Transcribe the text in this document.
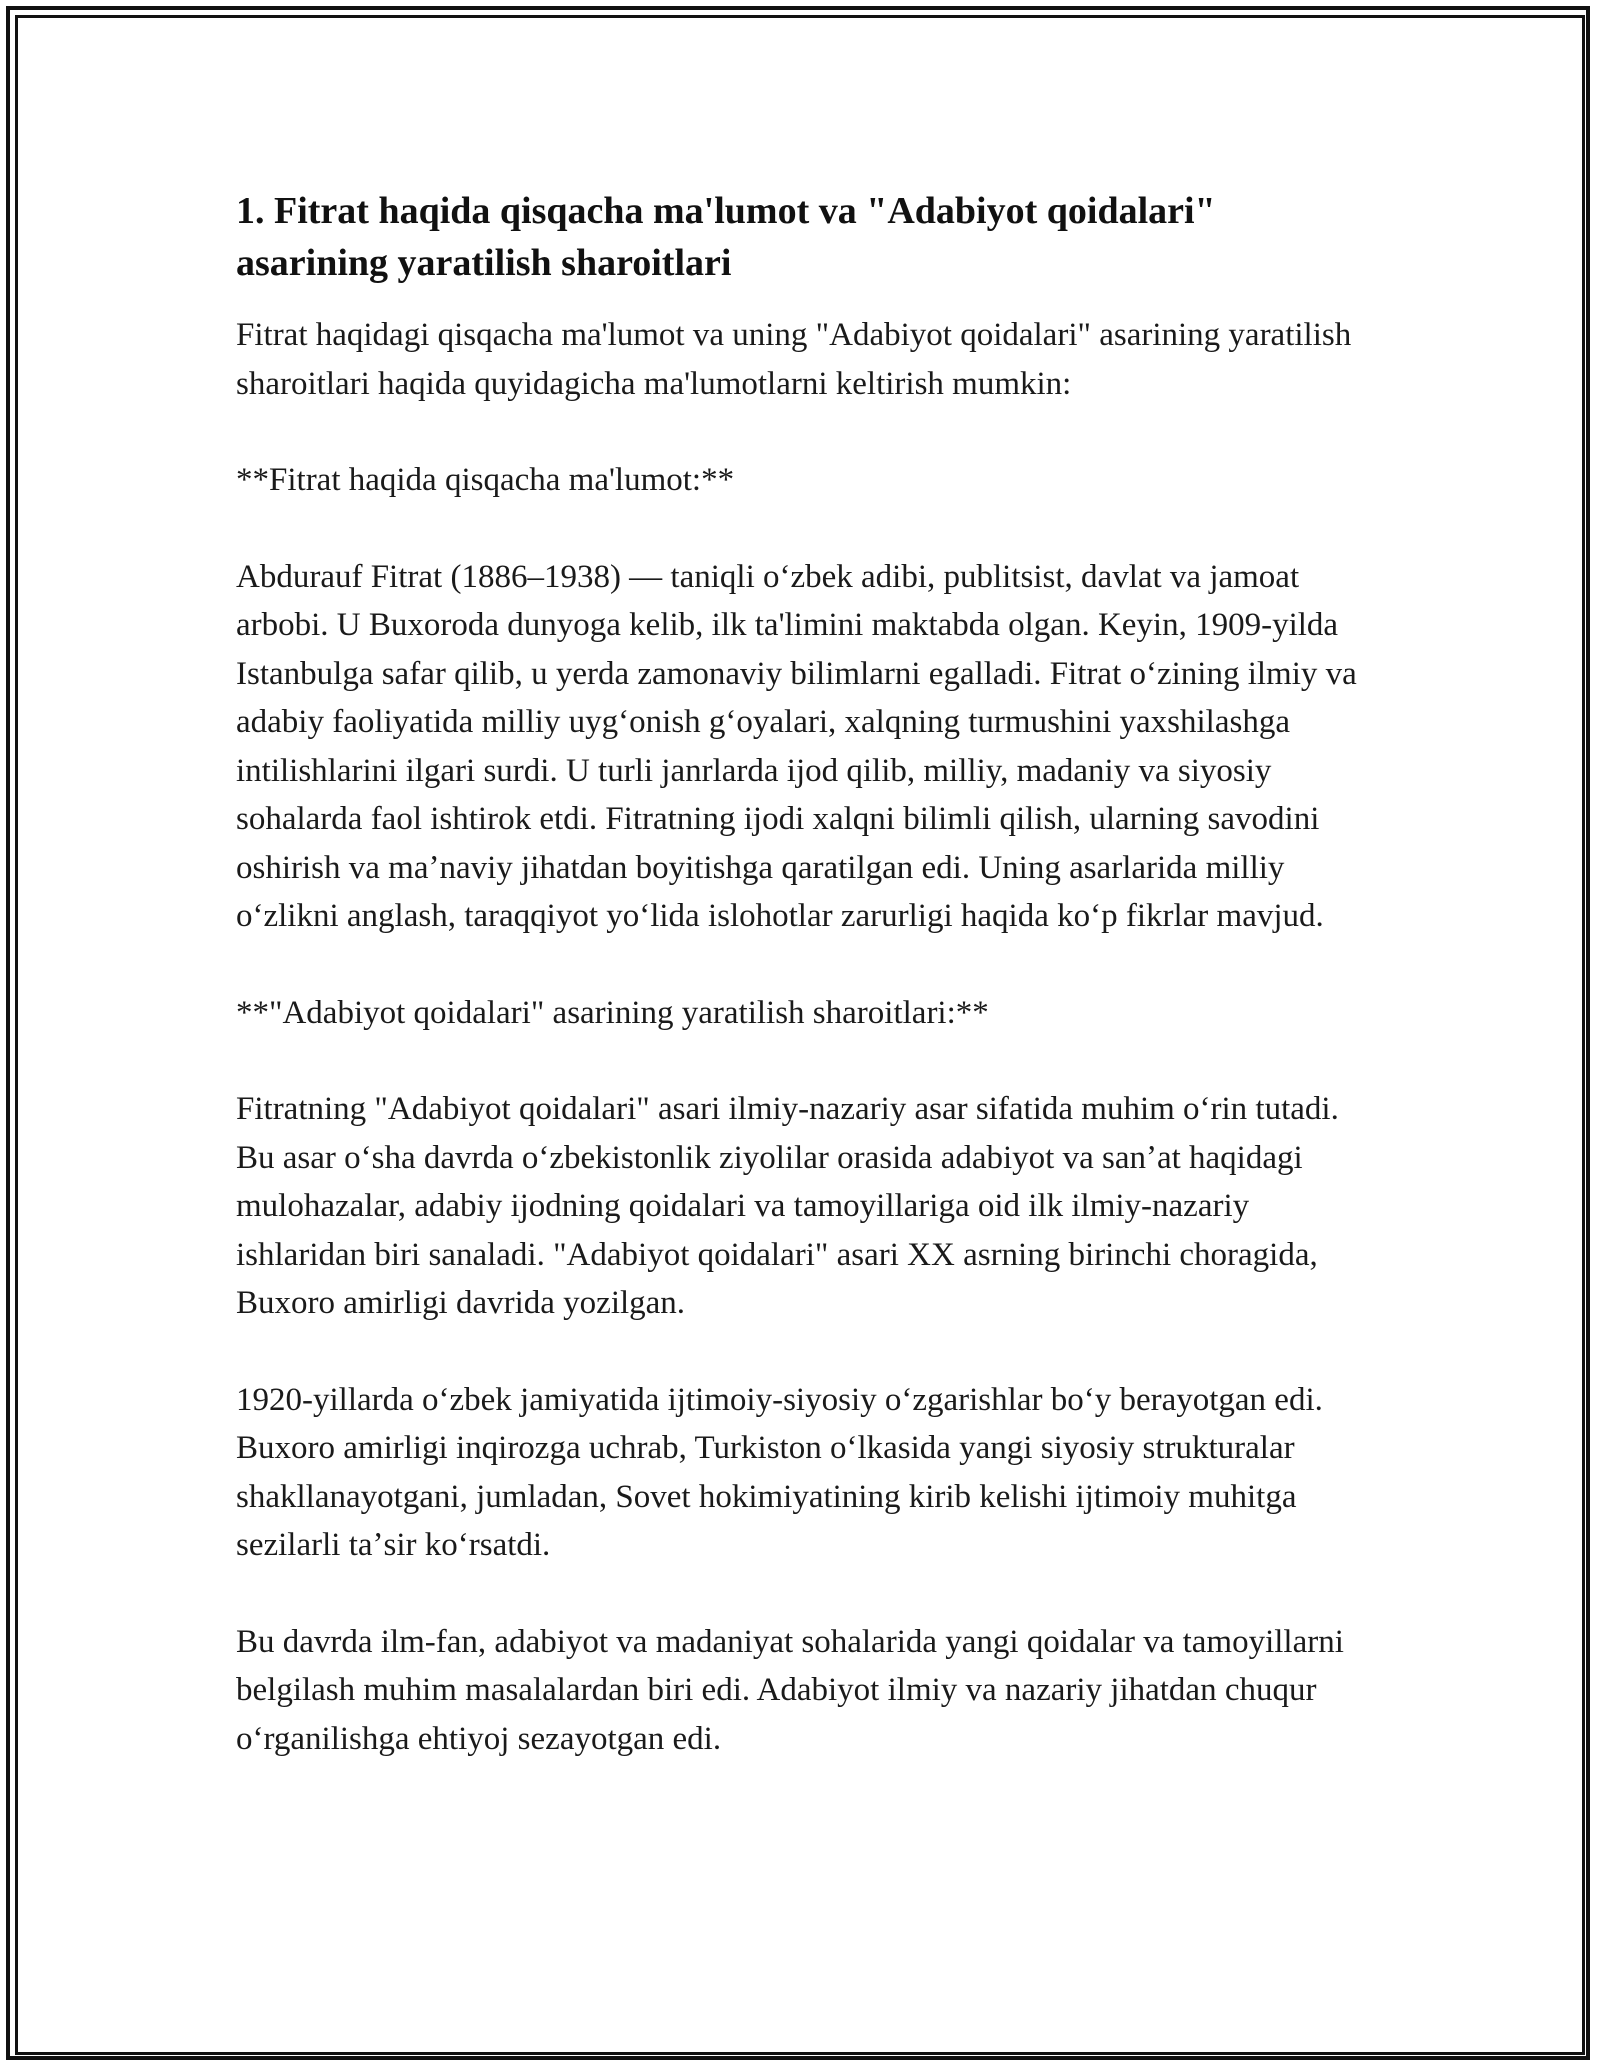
1. Fitrat haqida qisqacha ma'lumot va "Adabiyot qoidalari" asarining yaratilish sharoitlari

Fitrat haqidagi qisqacha ma'lumot va uning "Adabiyot qoidalari" asarining yaratilish sharoitlari haqida quyidagicha ma'lumotlarni keltirish mumkin:

**Fitrat haqida qisqacha ma'lumot:**

Abdurauf Fitrat (1886–1938) — taniqli oʻzbek adibi, publitsist, davlat va jamoat arbobi. U Buxoroda dunyoga kelib, ilk ta'limini maktabda olgan. Keyin, 1909-yilda Istanbulga safar qilib, u yerda zamonaviy bilimlarni egalladi. Fitrat oʻzining ilmiy va adabiy faoliyatida milliy uygʻonish gʻoyalari, xalqning turmushini yaxshilashga intilishlarini ilgari surdi. U turli janrlarda ijod qilib, milliy, madaniy va siyosiy sohalarda faol ishtirok etdi. Fitratning ijodi xalqni bilimli qilish, ularning savodini oshirish va maʼnaviy jihatdan boyitishga qaratilgan edi. Uning asarlarida milliy oʻzlikni anglash, taraqqiyot yoʻlida islohotlar zarurligi haqida koʻp fikrlar mavjud.

**"Adabiyot qoidalari" asarining yaratilish sharoitlari:**

Fitratning "Adabiyot qoidalari" asari ilmiy-nazariy asar sifatida muhim oʻrin tutadi. Bu asar oʻsha davrda oʻzbekistonlik ziyolilar orasida adabiyot va sanʼat haqidagi mulohazalar, adabiy ijodning qoidalari va tamoyillariga oid ilk ilmiy-nazariy ishlaridan biri sanaladi. "Adabiyot qoidalari" asari XX asrning birinchi choragida, Buxoro amirligi davrida yozilgan.

1920-yillarda oʻzbek jamiyatida ijtimoiy-siyosiy oʻzgarishlar boʻy berayotgan edi. Buxoro amirligi inqirozga uchrab, Turkiston oʻlkasida yangi siyosiy strukturalar shakllanayotgani, jumladan, Sovet hokimiyatining kirib kelishi ijtimoiy muhitga sezilarli taʼsir koʻrsatdi.

Bu davrda ilm-fan, adabiyot va madaniyat sohalarida yangi qoidalar va tamoyillarni belgilash muhim masalalardan biri edi. Adabiyot ilmiy va nazariy jihatdan chuqur oʻrganilishga ehtiyoj sezayotgan edi.
